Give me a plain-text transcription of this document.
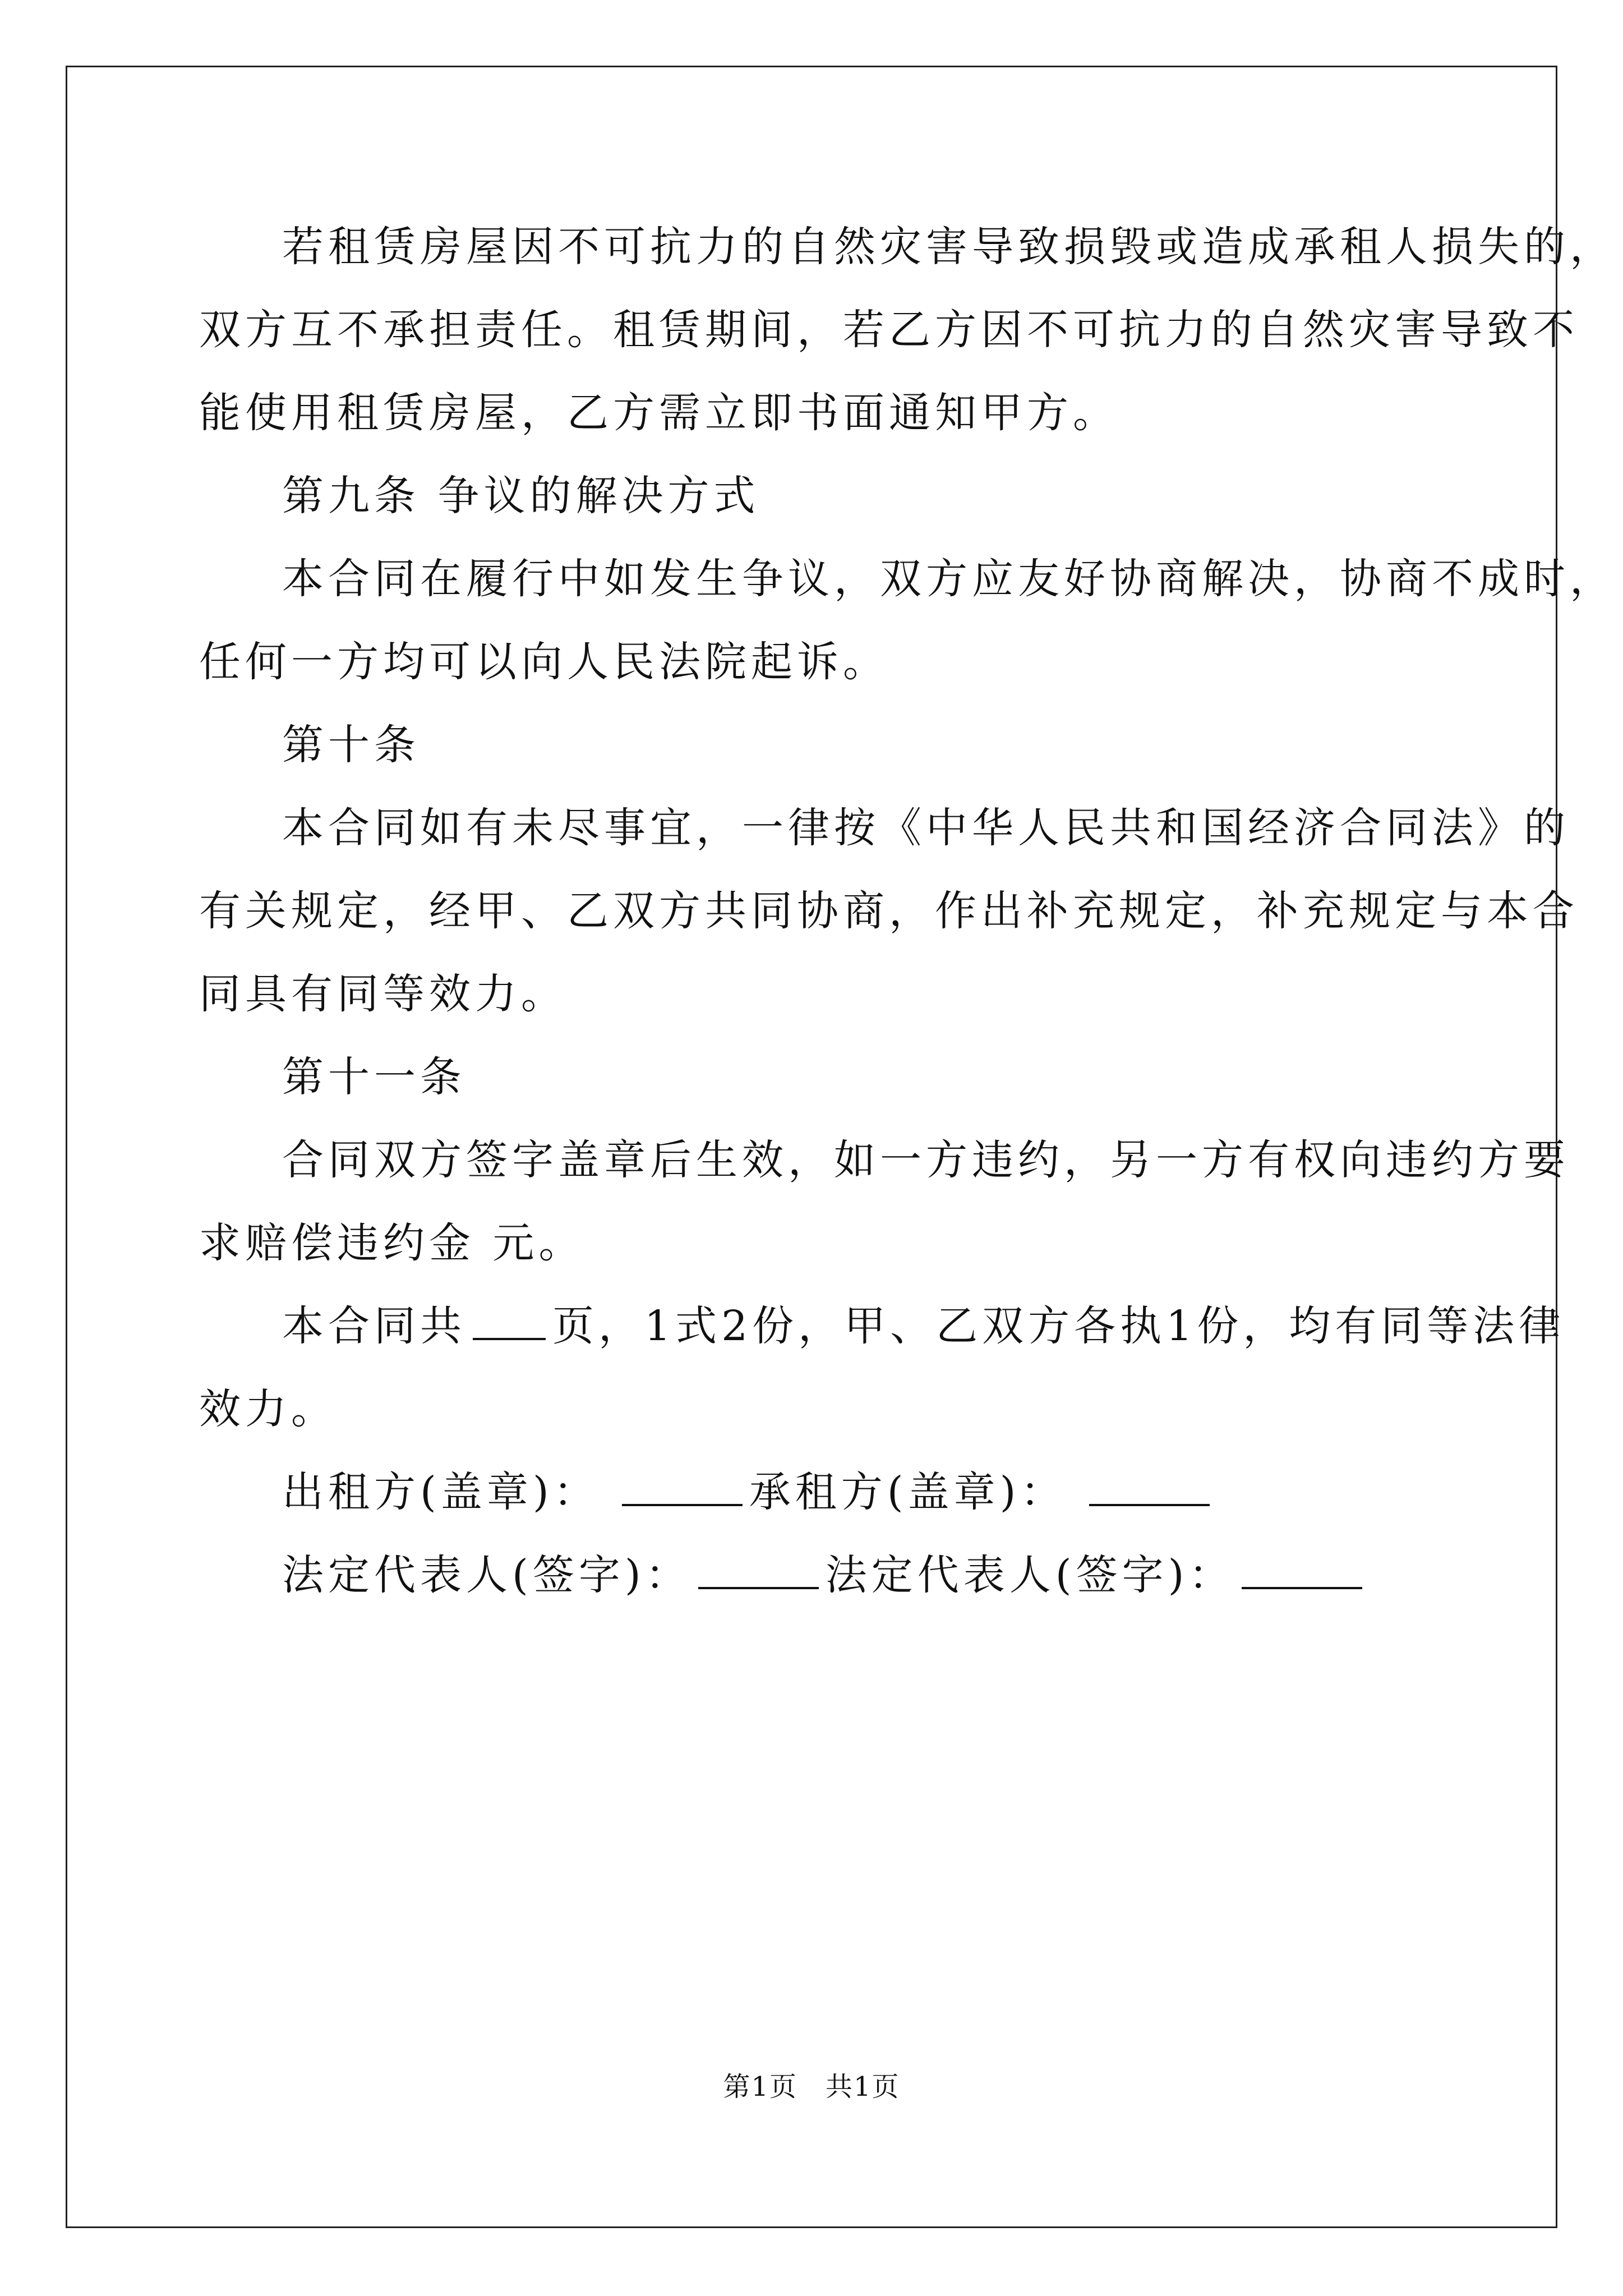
若租赁房屋因不可抗力的自然灾害导致损毁或造成承租人损失的，
双方互不承担责任。租赁期间，若乙方因不可抗力的自然灾害导致不
能使用租赁房屋，乙方需立即书面通知甲方。
第九条 争议的解决方式
本合同在履行中如发生争议，双方应友好协商解决，协商不成时，
任何一方均可以向人民法院起诉。
第十条
本合同如有未尽事宜，一律按《中华人民共和国经济合同法》的
有关规定，经甲、乙双方共同协商，作出补充规定，补充规定与本合
同具有同等效力。
第十一条
合同双方签字盖章后生效，如一方违约，另一方有权向违约方要
求赔偿违约金 元。
本合同共 页，1式2份，甲、乙双方各执1份，均有同等法律
效力。
出租方(盖章)：	承租方(盖章)：
法定代表人(签字)：	法定代表人(签字)：
第1页　共1页
